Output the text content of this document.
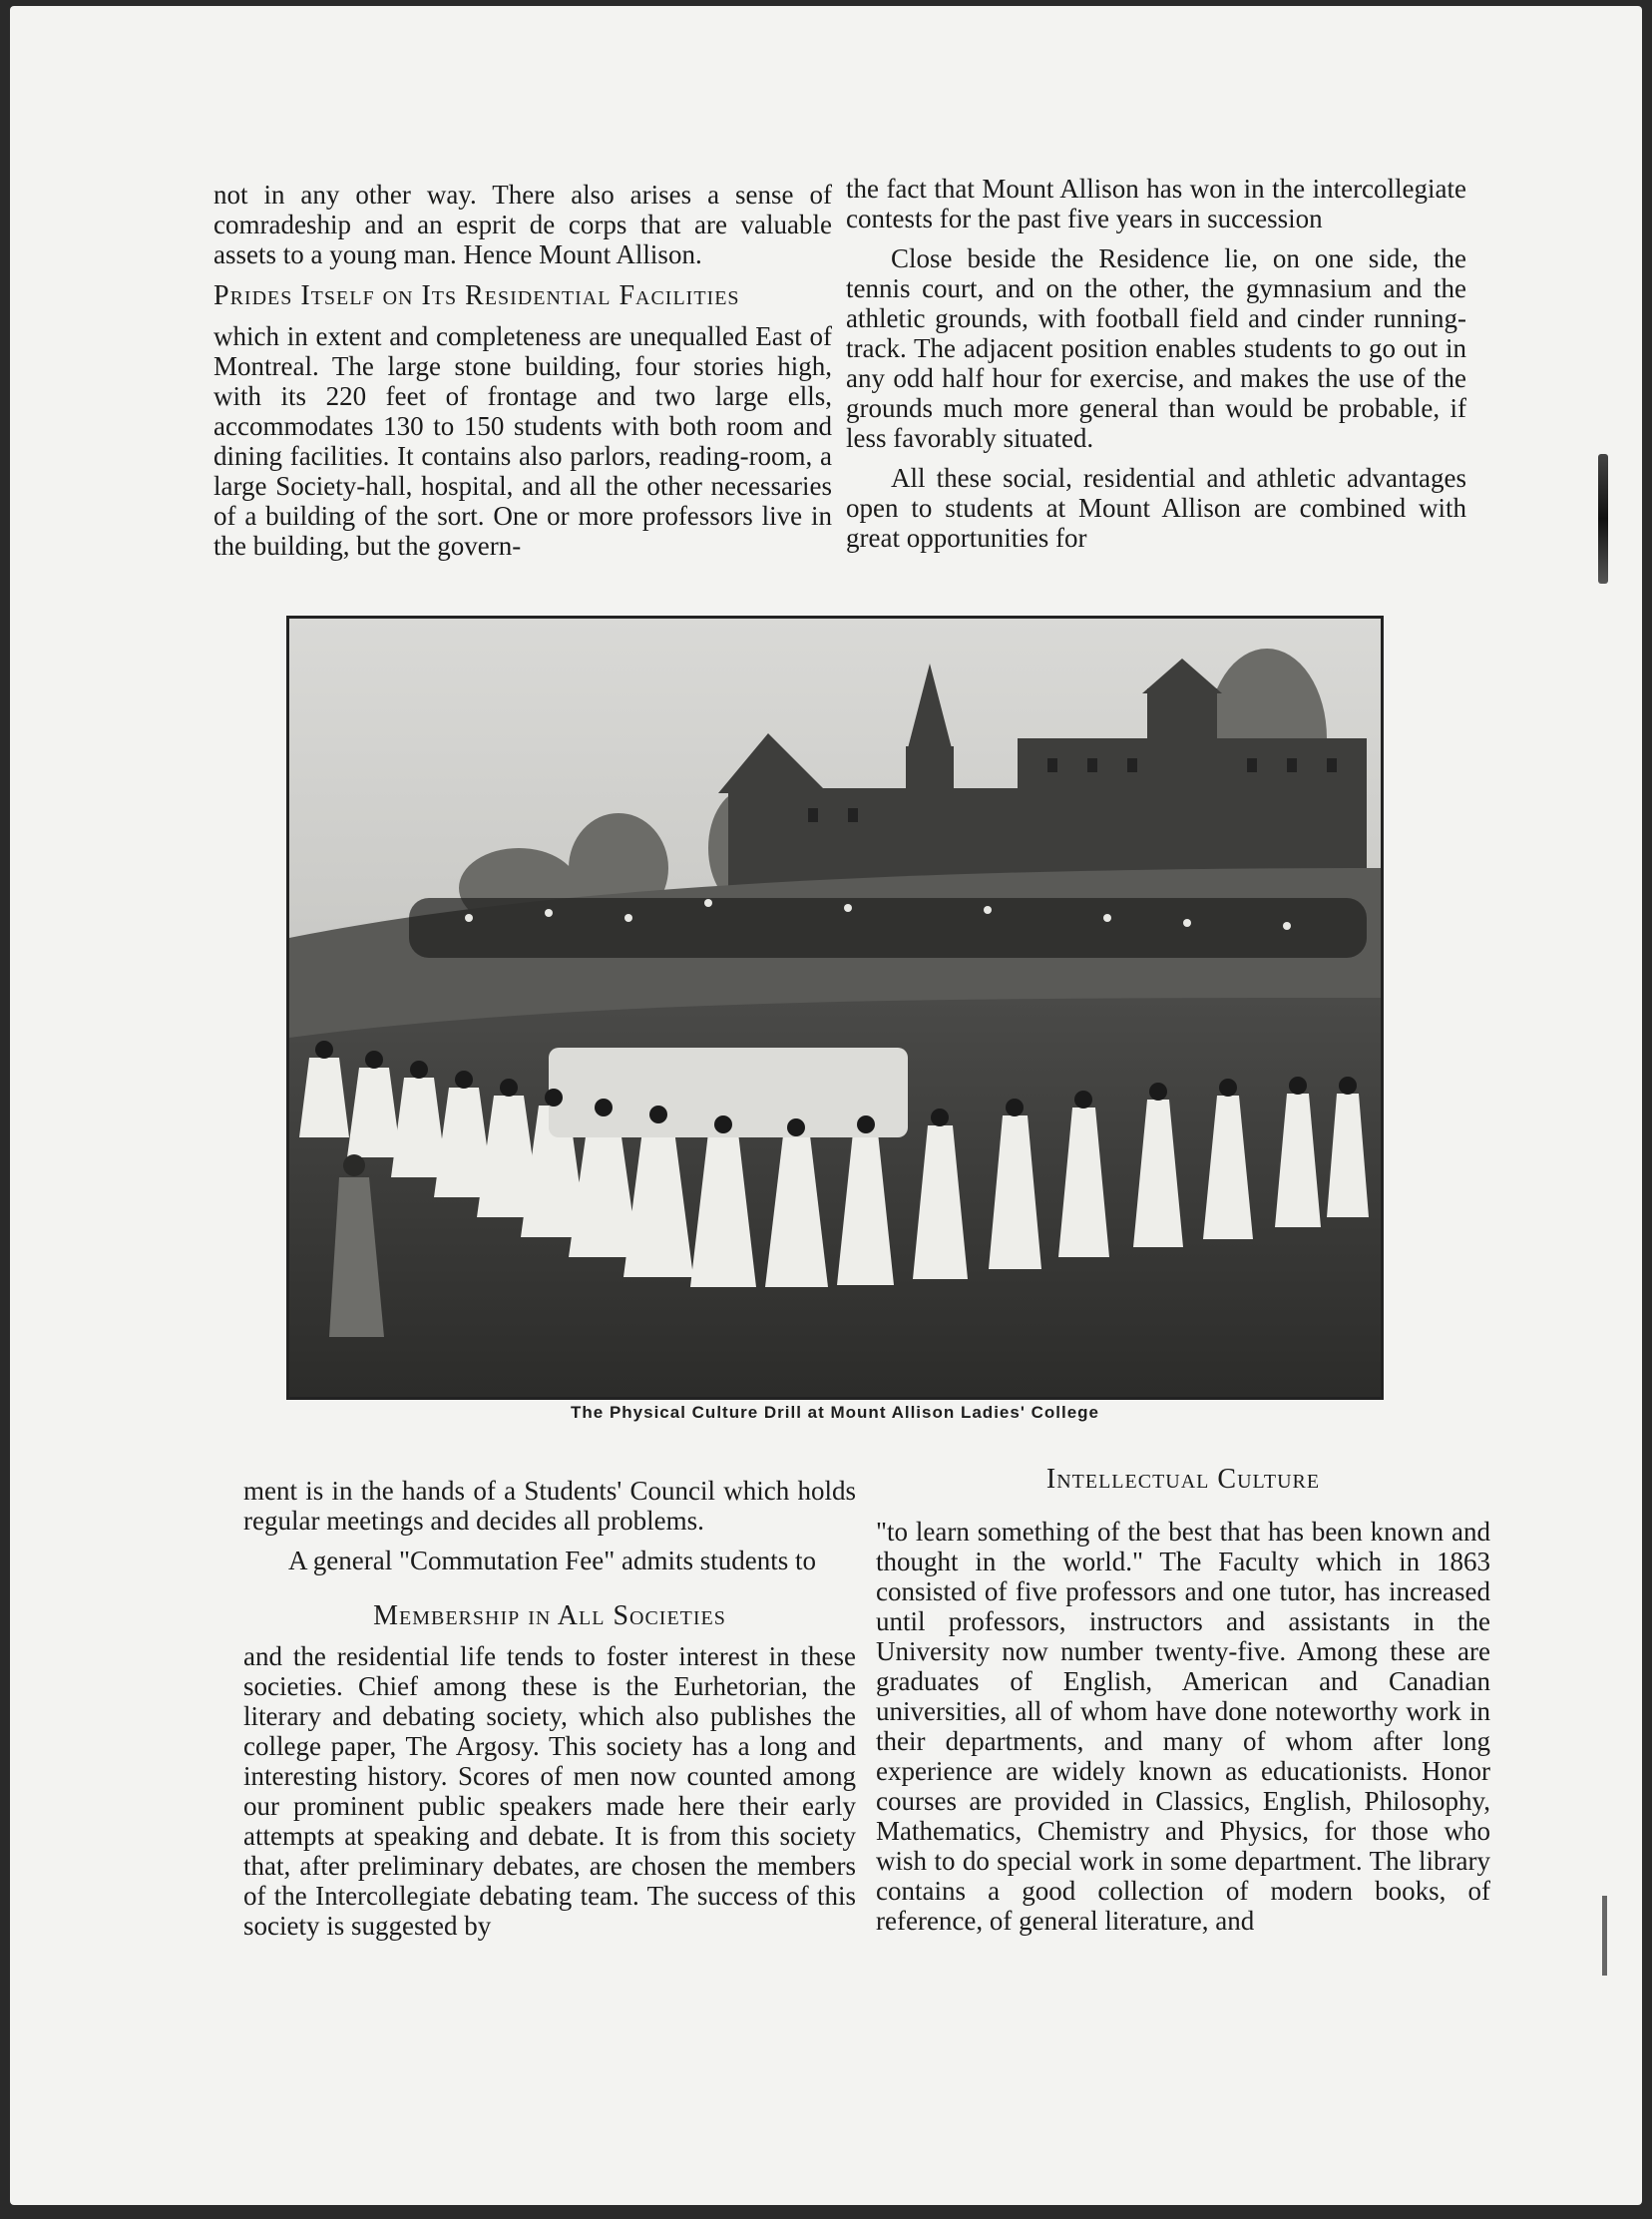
not in any other way. There also arises a sense of comradeship and an esprit de corps that are valuable assets to a young man. Hence Mount Allison.

Prides Itself on Its Residential Facilities

which in extent and completeness are unequalled East of Montreal. The large stone building, four stories high, with its 220 feet of frontage and two large ells, accommodates 130 to 150 students with both room and dining facilities. It contains also parlors, reading-room, a large Society-hall, hospital, and all the other necessaries of a building of the sort. One or more professors live in the building, but the govern-

the fact that Mount Allison has won in the intercollegiate contests for the past five years in succession

Close beside the Residence lie, on one side, the tennis court, and on the other, the gymnasium and the athletic grounds, with football field and cinder running-track. The adjacent position enables students to go out in any odd half hour for exercise, and makes the use of the grounds much more general than would be probable, if less favorably situated.

All these social, residential and athletic advantages open to students at Mount Allison are combined with great opportunities for

The Physical Culture Drill at Mount Allison Ladies' College

ment is in the hands of a Students' Council which holds regular meetings and decides all problems.

A general "Commutation Fee" admits students to

Membership in All Societies

and the residential life tends to foster interest in these societies. Chief among these is the Eurhetorian, the literary and debating society, which also publishes the college paper, The Argosy. This society has a long and interesting history. Scores of men now counted among our prominent public speakers made here their early attempts at speaking and debate. It is from this society that, after preliminary debates, are chosen the members of the Intercollegiate debating team. The success of this society is suggested by

Intellectual Culture

"to learn something of the best that has been known and thought in the world." The Faculty which in 1863 consisted of five professors and one tutor, has increased until professors, instructors and assistants in the University now number twenty-five. Among these are graduates of English, American and Canadian universities, all of whom have done noteworthy work in their departments, and many of whom after long experience are widely known as educationists. Honor courses are provided in Classics, English, Philosophy, Mathematics, Chemistry and Physics, for those who wish to do special work in some department. The library contains a good collection of modern books, of reference, of general literature, and
